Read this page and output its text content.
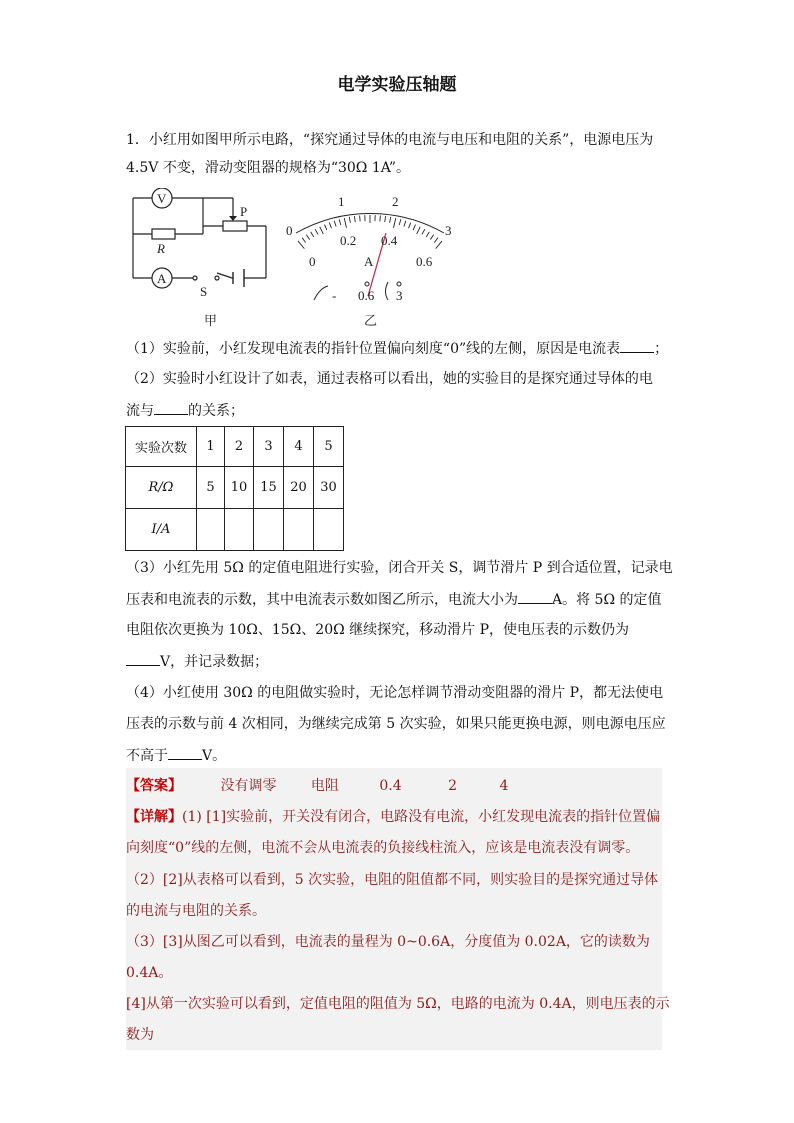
电学实验压轴题
1．小红用如图甲所示电路，“探究通过导体的电流与电压和电阻的关系”，电源电压为
4.5V 不变，滑动变阻器的规格为“30Ω 1A”。
V
A
R
P
S
甲
0
1	2
3
0
0.2 0.4
0.6
A
- 0.6 3
乙
（1）实验前，小红发现电流表的指针位置偏向刻度“0”线的左侧，原因是电流表 ；
（2）实验时小红设计了如表，通过表格可以看出，她的实验目的是探究通过导体的电
流与 的关系；
实验次数	1	2	3	4	5
R/Ω	5	10	15	20	30
I/A					
（3）小红先用 5Ω 的定值电阻进行实验，闭合开关 S，调节滑片 P 到合适位置，记录电
压表和电流表的示数，其中电流表示数如图乙所示，电流大小为 A。将 5Ω 的定值
电阻依次更换为 10Ω、15Ω、20Ω 继续探究，移动滑片 P，使电压表的示数仍为
V，并记录数据；
（4）小红使用 30Ω 的电阻做实验时，无论怎样调节滑动变阻器的滑片 P，都无法使电
压表的示数与前 4 次相同，为继续完成第 5 次实验，如果只能更换电源，则电源电压应
不高于 V。
【答案】	没有调零 电阻	0.4	2	4
【详解】(1) [1]实验前，开关没有闭合，电路没有电流，小红发现电流表的指针位置偏
向刻度“0”线的左侧，电流不会从电流表的负接线柱流入，应该是电流表没有调零。
（2）[2]从表格可以看到，5 次实验，电阻的阻值都不同，则实验目的是探究通过导体
的电流与电阻的关系。
（3）[3]从图乙可以看到，电流表的量程为 0~0.6A，分度值为 0.02A，它的读数为
0.4A。
[4]从第一次实验可以看到，定值电阻的阻值为 5Ω，电路的电流为 0.4A，则电压表的示
数为
